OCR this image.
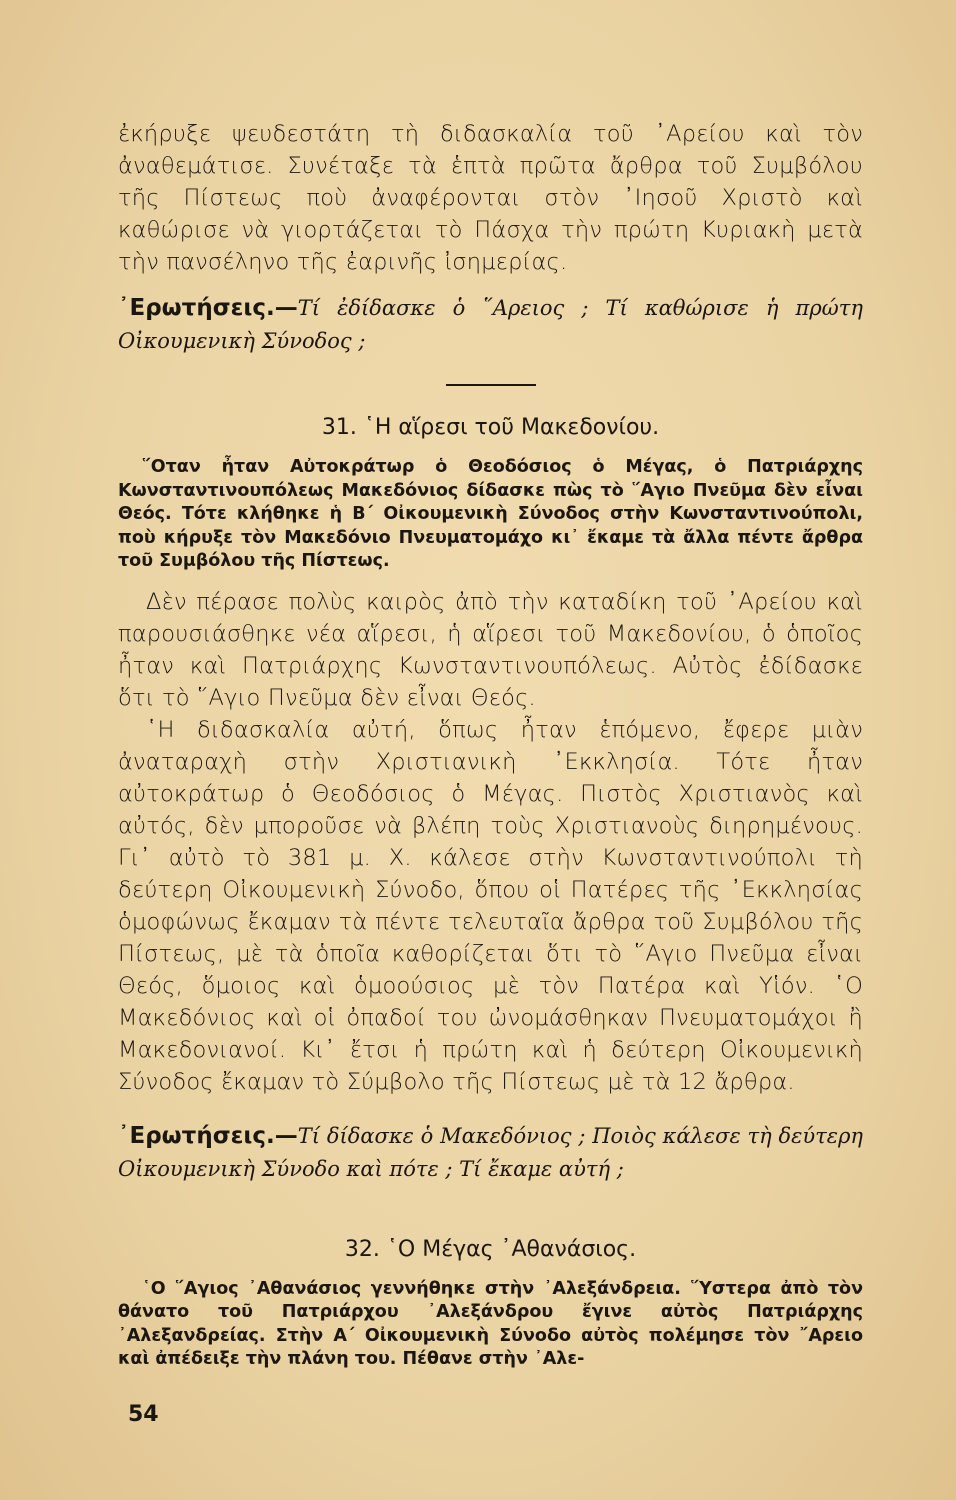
ἐκήρυξε ψευδεστάτη τὴ διδασκαλία τοῦ ᾿Αρείου καὶ τὸν ἀναθεμάτισε. Συνέταξε τὰ ἑπτὰ πρῶτα ἄρθρα τοῦ Συμβόλου τῆς Πίστεως ποὺ ἀναφέρονται στὸν ᾿Ιησοῦ Χριστὸ καὶ καθώρισε νὰ γιορτάζεται τὸ Πάσχα τὴν πρώτη Κυριακὴ μετὰ τὴν πανσέληνο τῆς ἐαρινῆς ἰσημερίας.

᾿Ερωτήσεις.—Τί ἐδίδασκε ὁ ῞Αρειος ; Τί καθώρισε ἡ πρώτη Οἰκουμενικὴ Σύνοδος ;

31. ῾Η αἵρεσι τοῦ Μακεδονίου.

῞Οταν ἦταν Αὐτοκράτωρ ὁ Θεοδόσιος ὁ Μέγας, ὁ Πατριάρχης Κωνσταντινουπόλεως Μακεδόνιος δίδασκε πὼς τὸ ῞Αγιο Πνεῦμα δὲν εἶναι Θεός. Τότε κλήθηκε ἡ Β΄ Οἰκουμενικὴ Σύνοδος στὴν Κωνσταντινούπολι, ποὺ κήρυξε τὸν Μακεδόνιο Πνευματομάχο κι᾿ ἔκαμε τὰ ἄλλα πέντε ἄρθρα τοῦ Συμβόλου τῆς Πίστεως.

Δὲν πέρασε πολὺς καιρὸς ἀπὸ τὴν καταδίκη τοῦ ᾿Αρείου καὶ παρουσιάσθηκε νέα αἵρεσι, ἡ αἵρεσι τοῦ Μακεδονίου, ὁ ὁποῖος ἦταν καὶ Πατριάρχης Κωνσταντινουπόλεως. Αὐτὸς ἐδίδασκε ὅτι τὸ ῞Αγιο Πνεῦμα δὲν εἶναι Θεός.

῾Η διδασκαλία αὐτή, ὅπως ἦταν ἑπόμενο, ἔφερε μιὰν ἀναταραχὴ στὴν Χριστιανικὴ ᾿Εκκλησία. Τότε ἦταν αὐτοκράτωρ ὁ Θεοδόσιος ὁ Μέγας. Πιστὸς Χριστιανὸς καὶ αὐτός, δὲν μποροῦσε νὰ βλέπη τοὺς Χριστιανοὺς διηρημένους. Γι᾿ αὐτὸ τὸ 381 μ. Χ. κάλεσε στὴν Κωνσταντινούπολι τὴ δεύτερη Οἰκουμενικὴ Σύνοδο, ὅπου οἱ Πατέρες τῆς ᾿Εκκλησίας ὁμοφώνως ἔκαμαν τὰ πέντε τελευταῖα ἄρθρα τοῦ Συμβόλου τῆς Πίστεως, μὲ τὰ ὁποῖα καθορίζεται ὅτι τὸ ῞Αγιο Πνεῦμα εἶναι Θεός, ὅμοιος καὶ ὁμοούσιος μὲ τὸν Πατέρα καὶ Υἱόν. ῾Ο Μακεδόνιος καὶ οἱ ὀπαδοί του ὠνομάσθηκαν Πνευματομάχοι ἢ Μακεδονιανοί. Κι᾿ ἔτσι ἡ πρώτη καὶ ἡ δεύτερη Οἰκουμενικὴ Σύνοδος ἔκαμαν τὸ Σύμβολο τῆς Πίστεως μὲ τὰ 12 ἄρθρα.

᾿Ερωτήσεις.—Τί δίδασκε ὁ Μακεδόνιος ; Ποιὸς κάλεσε τὴ δεύτερη Οἰκουμενικὴ Σύνοδο καὶ πότε ; Τί ἔκαμε αὐτή ;

32. ῾Ο Μέγας ᾿Αθανάσιος.

῾Ο ῞Αγιος ᾿Αθανάσιος γεννήθηκε στὴν ᾿Αλεξάνδρεια. ῞Υστερα ἀπὸ τὸν θάνατο τοῦ Πατριάρχου ᾿Αλεξάνδρου ἔγινε αὐτὸς Πατριάρχης ᾿Αλεξανδρείας. Στὴν Α΄ Οἰκουμενικὴ Σύνοδο αὐτὸς πολέμησε τὸν ῎Αρειο καὶ ἀπέδειξε τὴν πλάνη του. Πέθανε στὴν ᾿Αλε-

54
